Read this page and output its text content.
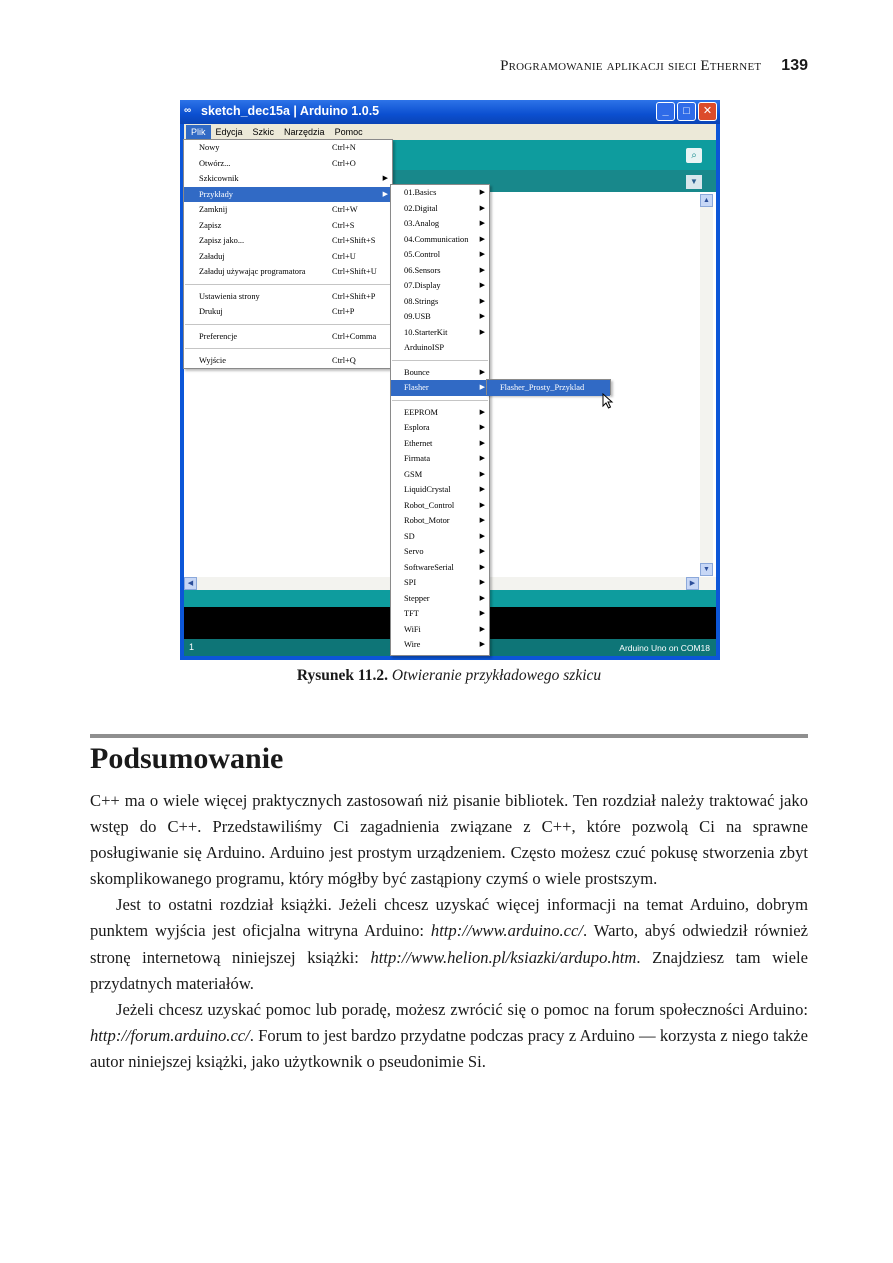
Programowanie aplikacji sieci Ethernet 139
∞ sketch_dec15a | Arduino 1.0.5	_	□	✕
Plik	Edycja	Szkic	Narzędzia	Pomoc
⌕
▼
▲
▼
◀	▶
1	Arduino Uno on COM18
Nowy	Ctrl+N
Otwórz...	Ctrl+O
Szkicownik	▶
Przykłady	▶
Zamknij	Ctrl+W
Zapisz	Ctrl+S
Zapisz jako...	Ctrl+Shift+S
Załaduj	Ctrl+U
Załaduj używając programatora	Ctrl+Shift+U
Ustawienia strony	Ctrl+Shift+P
Drukuj	Ctrl+P
Preferencje	Ctrl+Comma
Wyjście	Ctrl+Q
01.Basics	▶
02.Digital	▶
03.Analog	▶
04.Communication ▶
05.Control	▶
06.Sensors	▶
07.Display	▶
08.Strings	▶
09.USB	▶
10.StarterKit	▶
ArduinoISP
Bounce	▶
Flasher	▶
EEPROM	▶
Esplora	▶
Ethernet	▶
Firmata	▶
GSM	▶
LiquidCrystal	▶
Robot_Control	▶
Robot_Motor	▶
SD	▶
Servo	▶
SoftwareSerial	▶
SPI	▶
Stepper	▶
TFT	▶
WiFi	▶
Wire	▶
Flasher_Prosty_Przyklad
Rysunek 11.2. Otwieranie przykładowego szkicu
Podsumowanie

C++ ma o wiele więcej praktycznych zastosowań niż pisanie bibliotek. Ten rozdział należy traktować jako wstęp do C++. Przedstawiliśmy Ci zagadnienia związane z C++, które pozwolą Ci na sprawne posługiwanie się Arduino. Arduino jest prostym urządzeniem. Często możesz czuć pokusę stworzenia zbyt skomplikowanego programu, który mógłby być zastąpiony czymś o wiele prostszym.

Jest to ostatni rozdział książki. Jeżeli chcesz uzyskać więcej informacji na temat Arduino, dobrym punktem wyjścia jest oficjalna witryna Arduino: http://www.arduino.cc/. Warto, abyś odwiedził również stronę internetową niniejszej książki: http://www.helion.pl/ksiazki/ardupo.htm. Znajdziesz tam wiele przydatnych materiałów.

Jeżeli chcesz uzyskać pomoc lub poradę, możesz zwrócić się o pomoc na forum społeczności Arduino: http://forum.arduino.cc/. Forum to jest bardzo przydatne podczas pracy z Arduino — korzysta z niego także autor niniejszej książki, jako użytkownik o pseudonimie Si.
